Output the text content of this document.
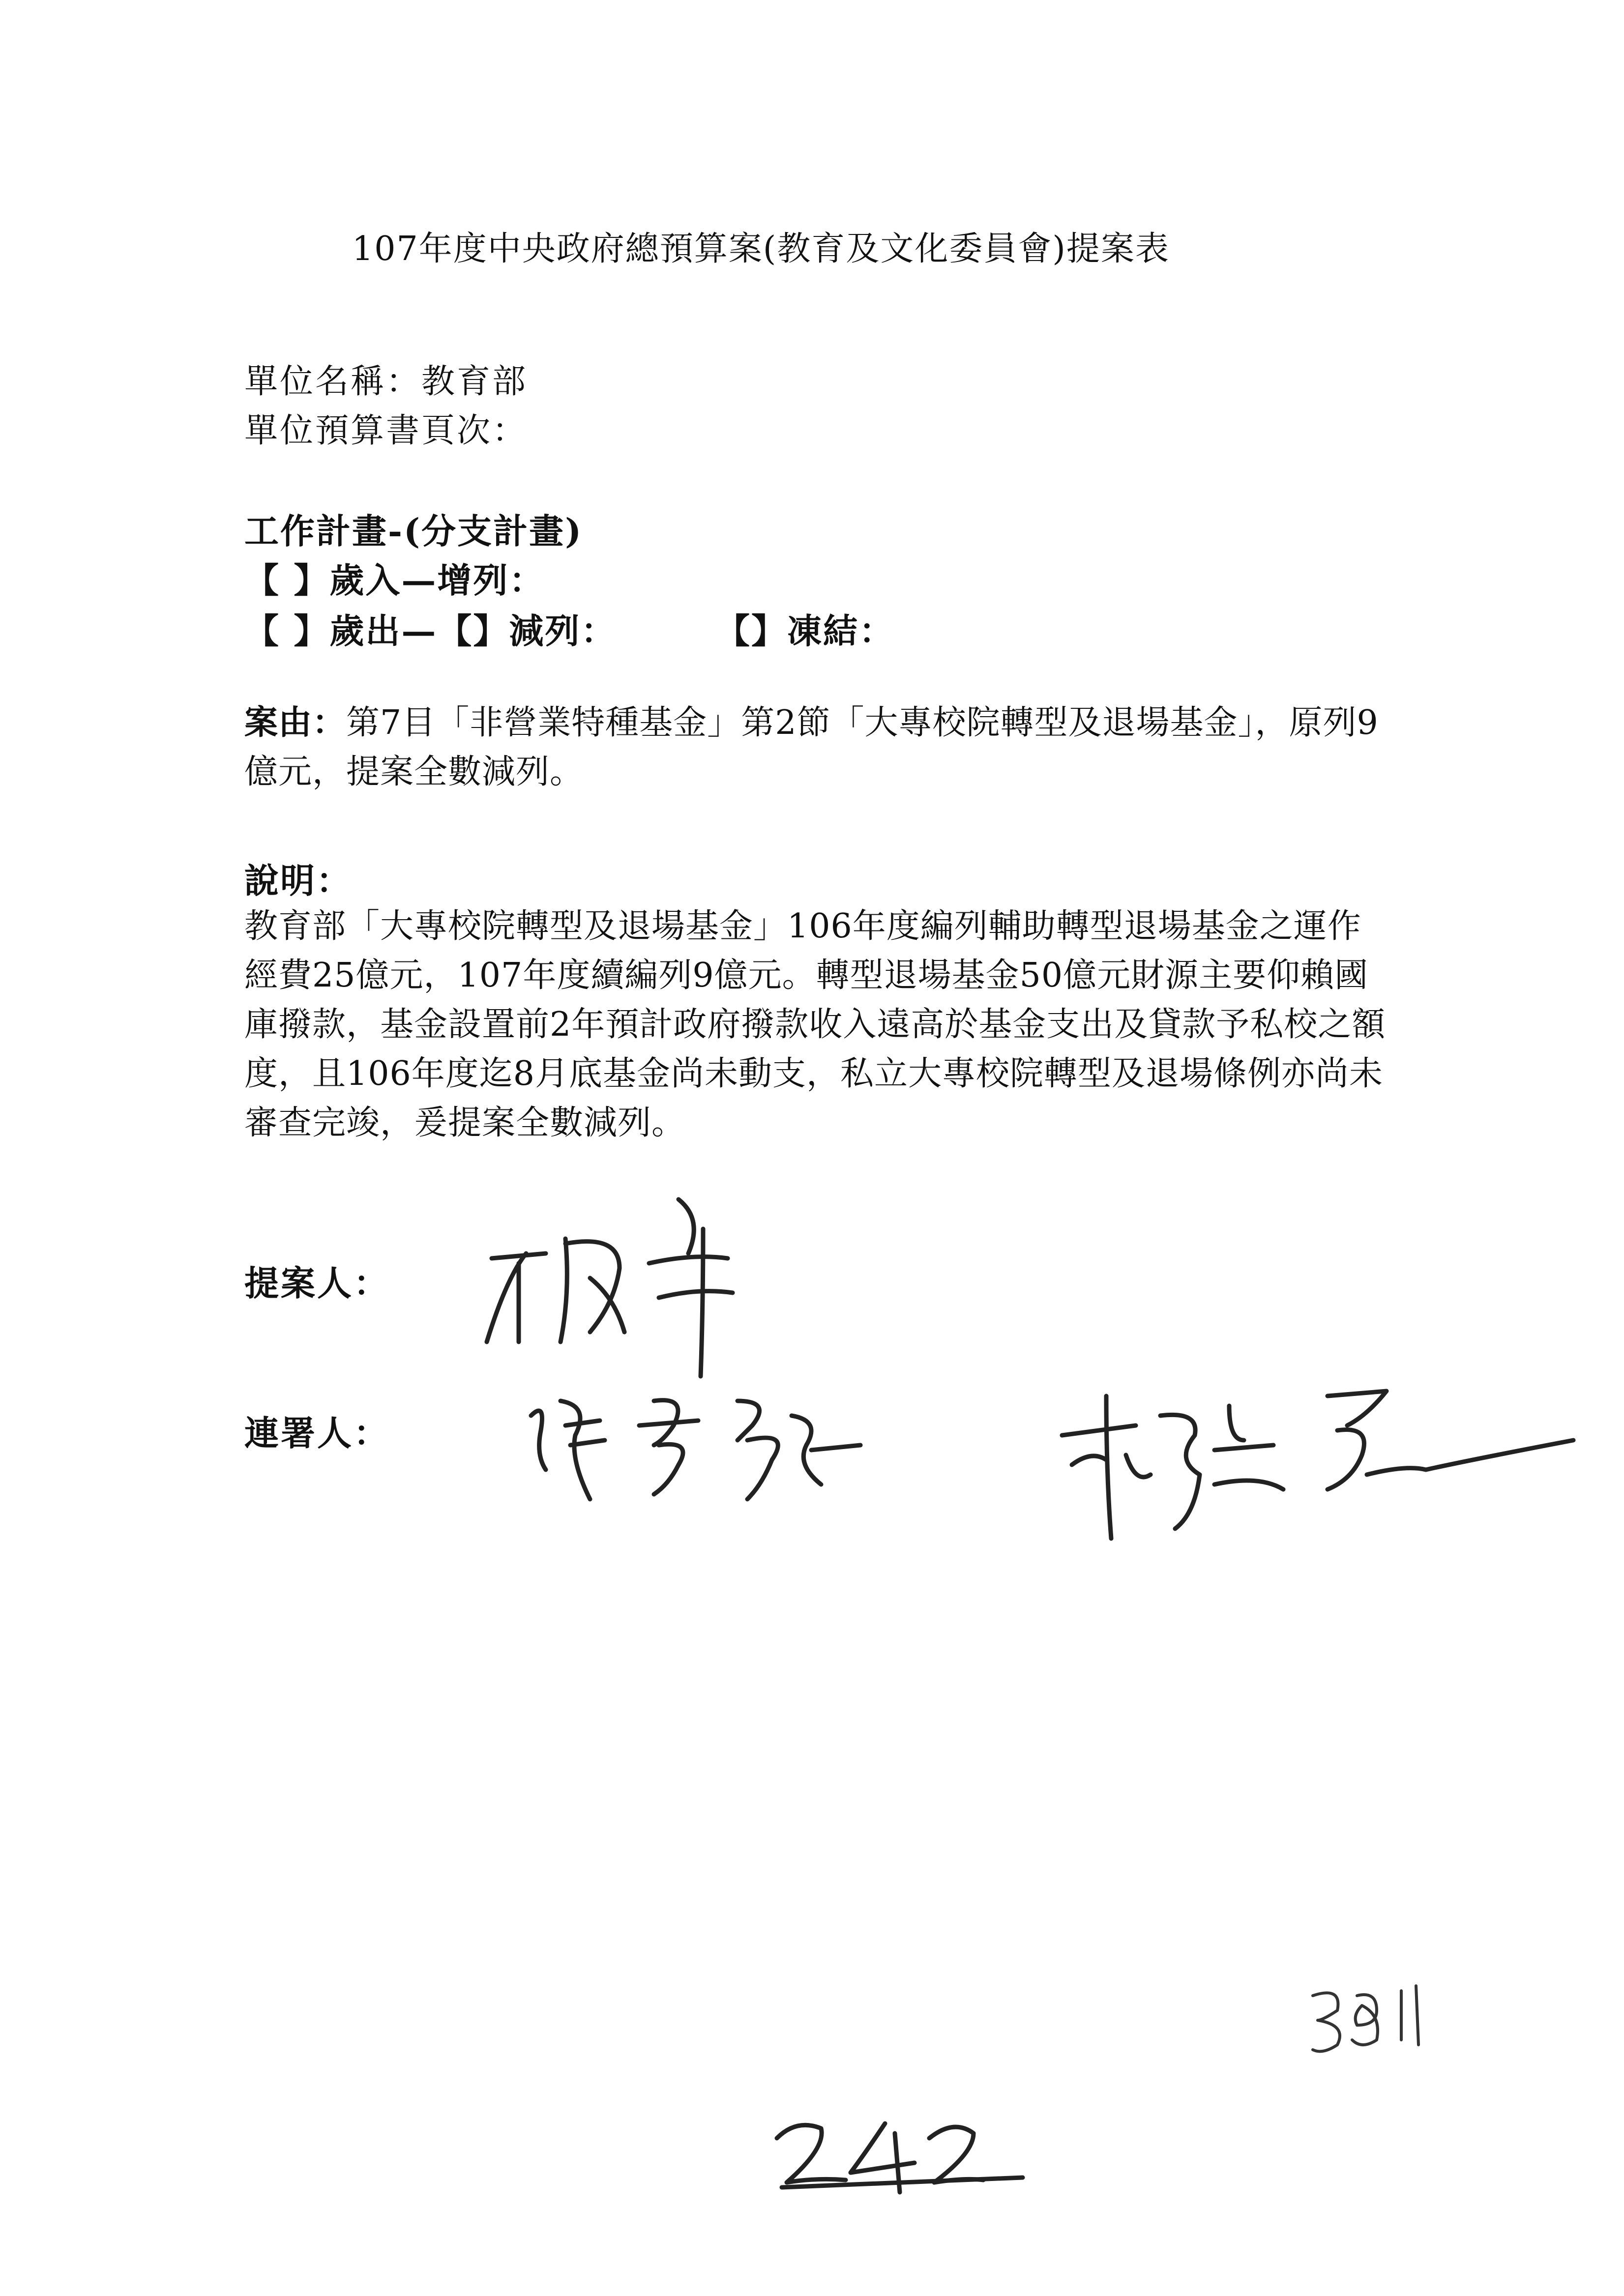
107年度中央政府總預算案(教育及文化委員會)提案表
單位名稱：教育部
單位預算書頁次：
工作計畫-(分支計畫)
【 】歲入—增列：
【 】歲出—【】減列：	【】凍結：
案由：第7目「非營業特種基金」第2節「大專校院轉型及退場基金」，原列9億元，提案全數減列。
說明：
教育部「大專校院轉型及退場基金」106年度編列輔助轉型退場基金之運作經費25億元，107年度續編列9億元。轉型退場基金50億元財源主要仰賴國庫撥款，基金設置前2年預計政府撥款收入遠高於基金支出及貸款予私校之額度，且106年度迄8月底基金尚未動支，私立大專校院轉型及退場條例亦尚未審查完竣，爰提案全數減列。
提案人：
連署人：
